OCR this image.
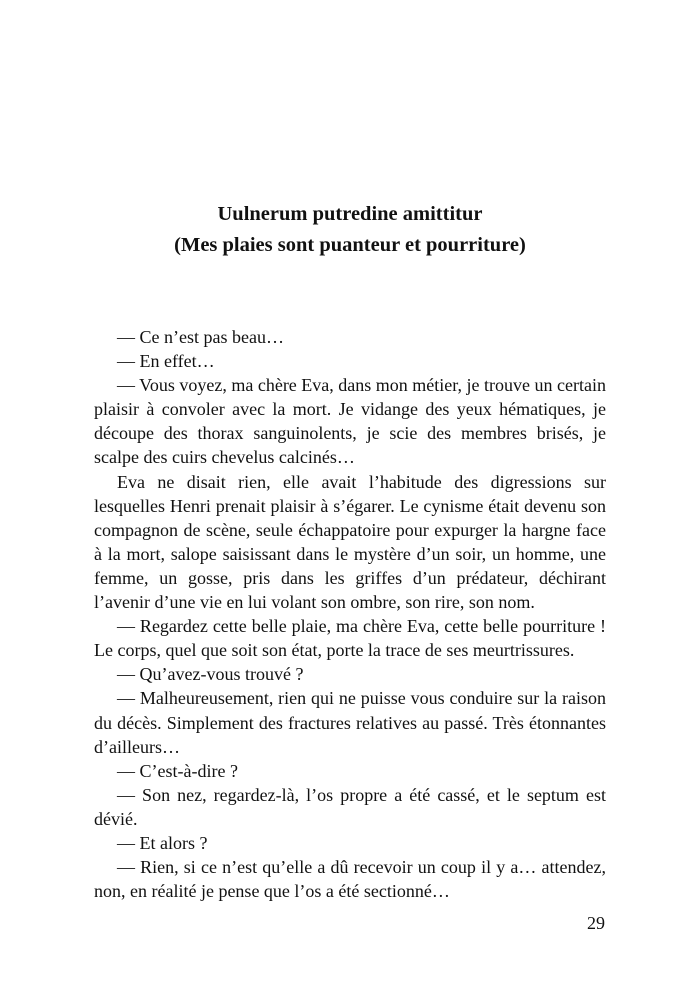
Uulnerum putredine amittitur
(Mes plaies sont puanteur et pourriture)

— Ce n’est pas beau…

— En effet…

— Vous voyez, ma chère Eva, dans mon métier, je trouve un certain plaisir à convoler avec la mort. Je vidange des yeux hématiques, je découpe des thorax sanguinolents, je scie des membres brisés, je scalpe des cuirs chevelus calcinés…

Eva ne disait rien, elle avait l’habitude des digressions sur lesquelles Henri prenait plaisir à s’égarer. Le cynisme était devenu son compagnon de scène, seule échappatoire pour expurger la hargne face à la mort, salope saisissant dans le mystère d’un soir, un homme, une femme, un gosse, pris dans les griffes d’un prédateur, déchirant l’avenir d’une vie en lui volant son ombre, son rire, son nom.

— Regardez cette belle plaie, ma chère Eva, cette belle pourriture ! Le corps, quel que soit son état, porte la trace de ses meurtrissures.

— Qu’avez-vous trouvé ?

— Malheureusement, rien qui ne puisse vous conduire sur la raison du décès. Simplement des fractures relatives au passé. Très étonnantes d’ailleurs…

— C’est-à-dire ?

— Son nez, regardez-là, l’os propre a été cassé, et le septum est dévié.

— Et alors ?

— Rien, si ce n’est qu’elle a dû recevoir un coup il y a… attendez, non, en réalité je pense que l’os a été sectionné…

29
